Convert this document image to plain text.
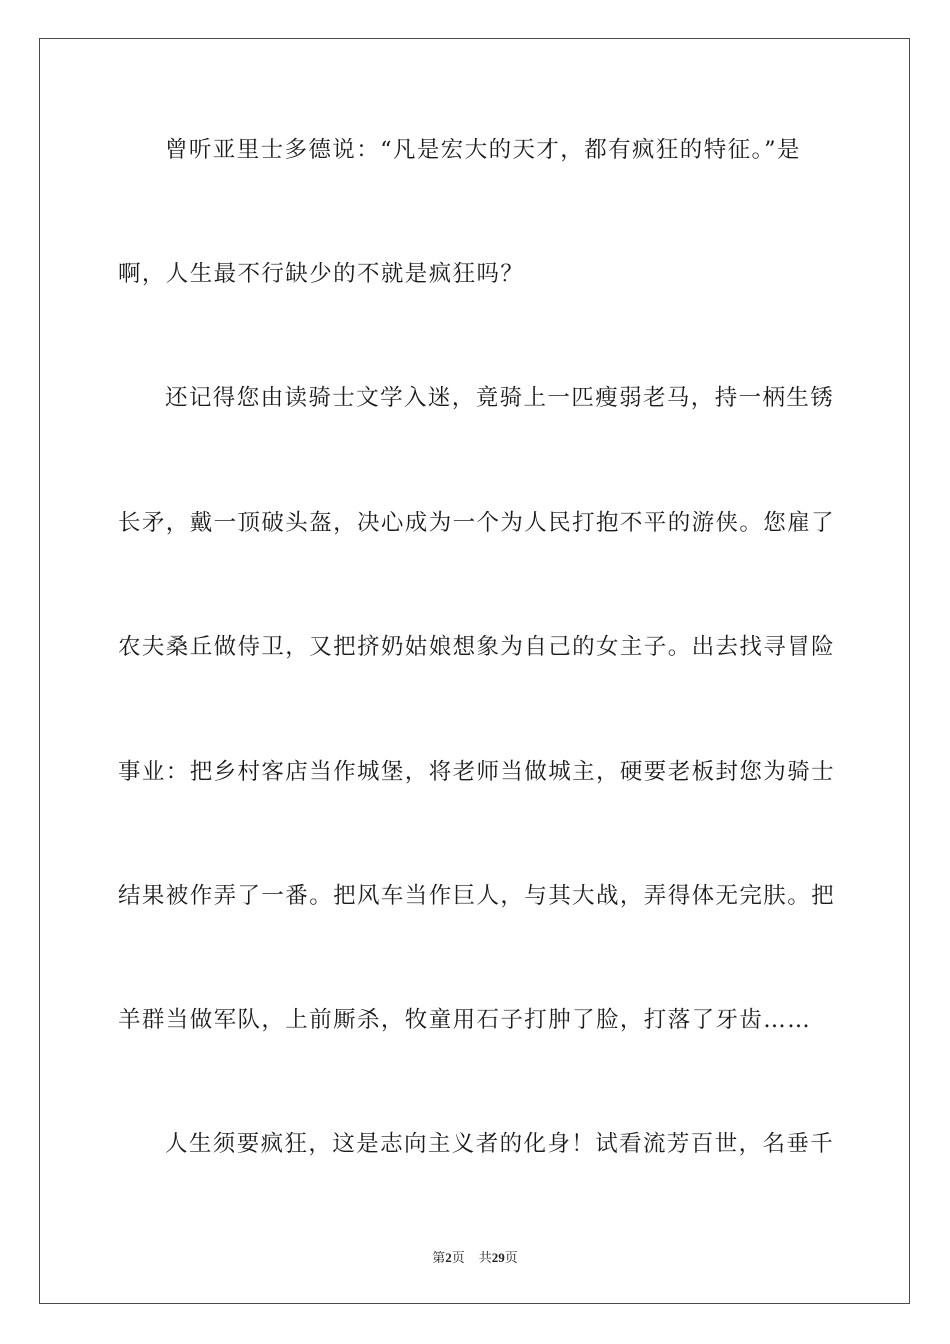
曾听亚里士多德说：“凡是宏大的天才，都有疯狂的特征。”是
啊，人生最不行缺少的不就是疯狂吗？
还记得您由读骑士文学入迷，竟骑上一匹瘦弱老马，持一柄生锈
长矛，戴一顶破头盔，决心成为一个为人民打抱不平的游侠。您雇了
农夫桑丘做侍卫，又把挤奶姑娘想象为自己的女主子。出去找寻冒险
事业：把乡村客店当作城堡，将老师当做城主，硬要老板封您为骑士
结果被作弄了一番。把风车当作巨人，与其大战，弄得体无完肤。把
羊群当做军队，上前厮杀，牧童用石子打肿了脸，打落了牙齿……
人生须要疯狂，这是志向主义者的化身！试看流芳百世，名垂千
第2页 共29页
